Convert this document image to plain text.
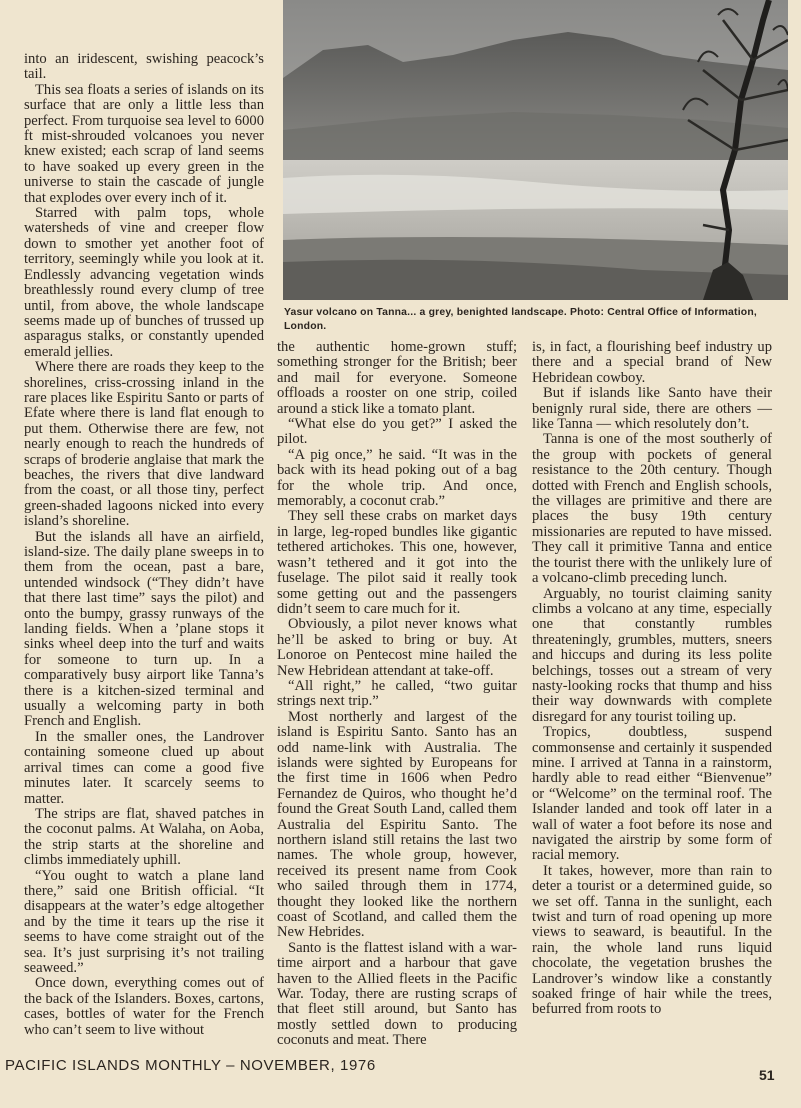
into an iridescent, swishing peacock’s tail.

This sea floats a series of islands on its surface that are only a little less than perfect. From turquoise sea level to 6000 ft mist-shrouded volcanoes you never knew existed; each scrap of land seems to have soaked up every green in the universe to stain the cascade of jungle that explodes over every inch of it.

Starred with palm tops, whole watersheds of vine and creeper flow down to smother yet another foot of territory, seemingly while you look at it. Endlessly advancing vegetation winds breathlessly round every clump of tree until, from above, the whole landscape seems made up of bunches of trussed up asparagus stalks, or constantly upended emerald jellies.

Where there are roads they keep to the shorelines, criss-crossing inland in the rare places like Espiritu Santo or parts of Efate where there is land flat enough to put them. Otherwise there are few, not nearly enough to reach the hundreds of scraps of broderie anglaise that mark the beaches, the rivers that dive landward from the coast, or all those tiny, perfect green-shaded lagoons nicked into every island’s shoreline.

But the islands all have an airfield, island-size. The daily plane sweeps in to them from the ocean, past a bare, untended windsock (“They didn’t have that there last time” says the pilot) and onto the bumpy, grassy runways of the landing fields. When a ’plane stops it sinks wheel deep into the turf and waits for someone to turn up. In a comparatively busy airport like Tanna’s there is a kitchen-sized terminal and usually a welcoming party in both French and English.

In the smaller ones, the Landrover containing someone clued up about arrival times can come a good five minutes later. It scarcely seems to matter.

The strips are flat, shaved patches in the coconut palms. At Walaha, on Aoba, the strip starts at the shoreline and climbs immediately uphill.

“You ought to watch a plane land there,” said one British official. “It disappears at the water’s edge altogether and by the time it tears up the rise it seems to have come straight out of the sea. It’s just surprising it’s not trailing seaweed.”

Once down, everything comes out of the back of the Islanders. Boxes, cartons, cases, bottles of water for the French who can’t seem to live without

Yasur volcano on Tanna... a grey, benighted landscape. Photo: Central Office of Information, London.

the authentic home-grown stuff; something stronger for the British; beer and mail for everyone. Someone offloads a rooster on one strip, coiled around a stick like a tomato plant.

“What else do you get?” I asked the pilot.

“A pig once,” he said. “It was in the back with its head poking out of a bag for the whole trip. And once, memorably, a coconut crab.”

They sell these crabs on market days in large, leg-roped bundles like gigantic tethered artichokes. This one, however, wasn’t tethered and it got into the fuselage. The pilot said it really took some getting out and the passengers didn’t seem to care much for it.

Obviously, a pilot never knows what he’ll be asked to bring or buy. At Lonoroe on Pentecost mine hailed the New Hebridean attendant at take-off.

“All right,” he called, “two guitar strings next trip.”

Most northerly and largest of the island is Espiritu Santo. Santo has an odd name-link with Australia. The islands were sighted by Europeans for the first time in 1606 when Pedro Fernandez de Quiros, who thought he’d found the Great South Land, called them Australia del Espiritu Santo. The northern island still retains the last two names. The whole group, however, received its present name from Cook who sailed through them in 1774, thought they looked like the northern coast of Scotland, and called them the New Hebrides.

Santo is the flattest island with a war-time airport and a harbour that gave haven to the Allied fleets in the Pacific War. Today, there are rusting scraps of that fleet still around, but Santo has mostly settled down to producing coconuts and meat. There

is, in fact, a flourishing beef industry up there and a special brand of New Hebridean cowboy.

But if islands like Santo have their benignly rural side, there are others — like Tanna — which resolutely don’t.

Tanna is one of the most southerly of the group with pockets of general resistance to the 20th century. Though dotted with French and English schools, the villages are primitive and there are places the busy 19th century missionaries are reputed to have missed. They call it primitive Tanna and entice the tourist there with the unlikely lure of a volcano-climb preceding lunch.

Arguably, no tourist claiming sanity climbs a volcano at any time, especially one that constantly rumbles threateningly, grumbles, mutters, sneers and hiccups and during its less polite belchings, tosses out a stream of very nasty-looking rocks that thump and hiss their way downwards with complete disregard for any tourist toiling up.

Tropics, doubtless, suspend commonsense and certainly it suspended mine. I arrived at Tanna in a rainstorm, hardly able to read either “Bienvenue” or “Welcome” on the terminal roof. The Islander landed and took off later in a wall of water a foot before its nose and navigated the airstrip by some form of racial memory.

It takes, however, more than rain to deter a tourist or a determined guide, so we set off. Tanna in the sunlight, each twist and turn of road opening up more views to seaward, is beautiful. In the rain, the whole land runs liquid chocolate, the vegetation brushes the Landrover’s window like a constantly soaked fringe of hair while the trees, befurred from roots to

PACIFIC ISLANDS MONTHLY – NOVEMBER, 1976
51
